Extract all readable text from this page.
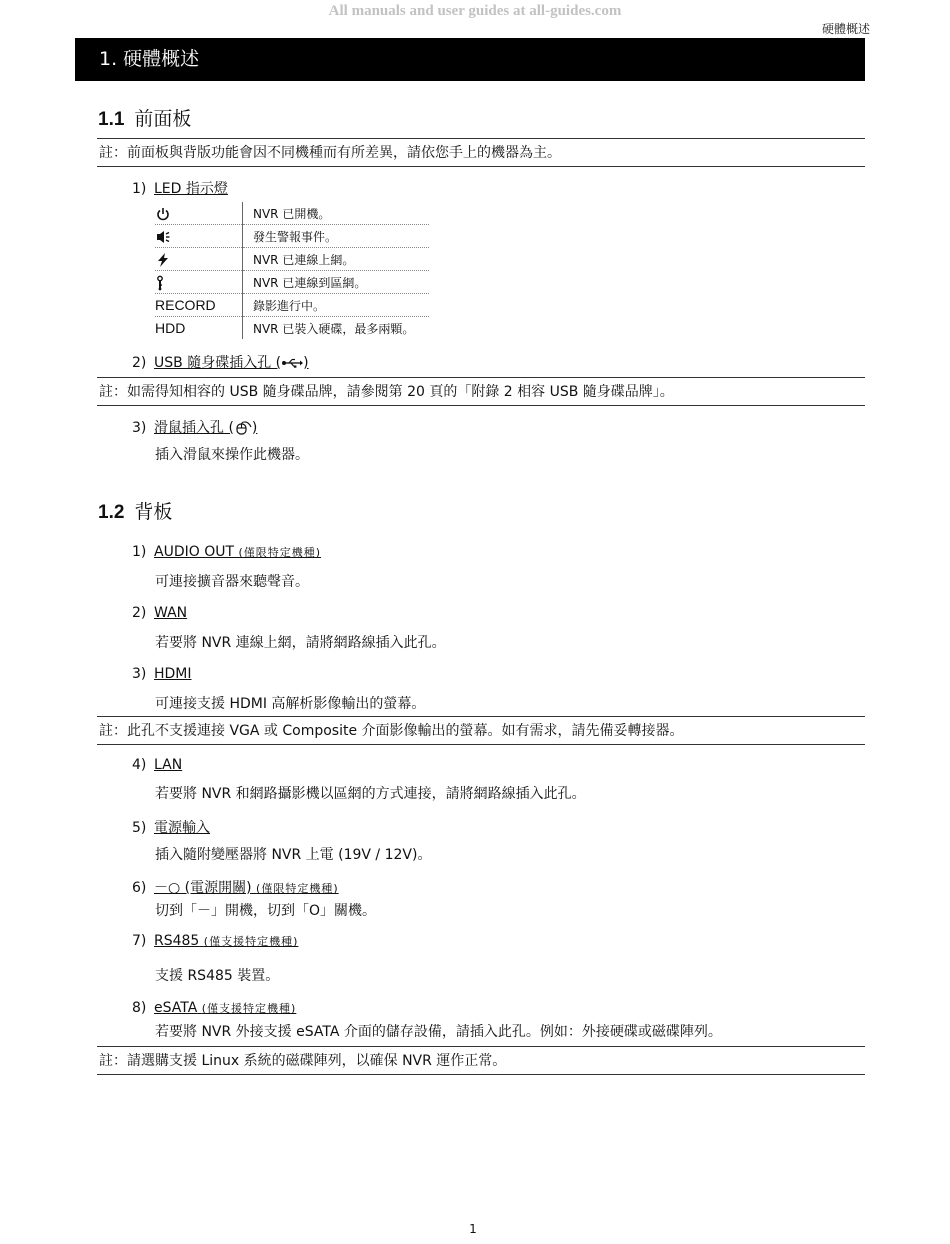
All manuals and user guides at all-guides.com
硬體概述
1. 硬體概述
1.1 前面板
註：前面板與背版功能會因不同機種而有所差異，請依您手上的機器為主。
1) LED 指示燈
	NVR 已開機。
	發生警報事件。
	NVR 已連線上網。
	NVR 已連線到區網。
RECORD	錄影進行中。
HDD	NVR 已裝入硬碟，最多兩顆。
2) USB 隨身碟插入孔 ( )
註：如需得知相容的 USB 隨身碟品牌，請參閱第 20 頁的「附錄 2 相容 USB 隨身碟品牌」。
3) 滑鼠插入孔 ( )
插入滑鼠來操作此機器。
1.2 背板
1) AUDIO OUT (僅限特定機種)
可連接擴音器來聽聲音。
2) WAN
若要將 NVR 連線上網，請將網路線插入此孔。
3) HDMI
可連接支援 HDMI 高解析影像輸出的螢幕。
註：此孔不支援連接 VGA 或 Composite 介面影像輸出的螢幕。如有需求，請先備妥轉接器。
4) LAN
若要將 NVR 和網路攝影機以區網的方式連接，請將網路線插入此孔。
5) 電源輸入
插入隨附變壓器將 NVR 上電 (19V / 12V)。
6) －○ (電源開關) (僅限特定機種)
切到「－」開機，切到「O」關機。
7) RS485 (僅支援特定機種)
支援 RS485 裝置。
8) eSATA (僅支援特定機種)
若要將 NVR 外接支援 eSATA 介面的儲存設備，請插入此孔。例如：外接硬碟或磁碟陣列。
註：請選購支援 Linux 系統的磁碟陣列，以確保 NVR 運作正常。
1
